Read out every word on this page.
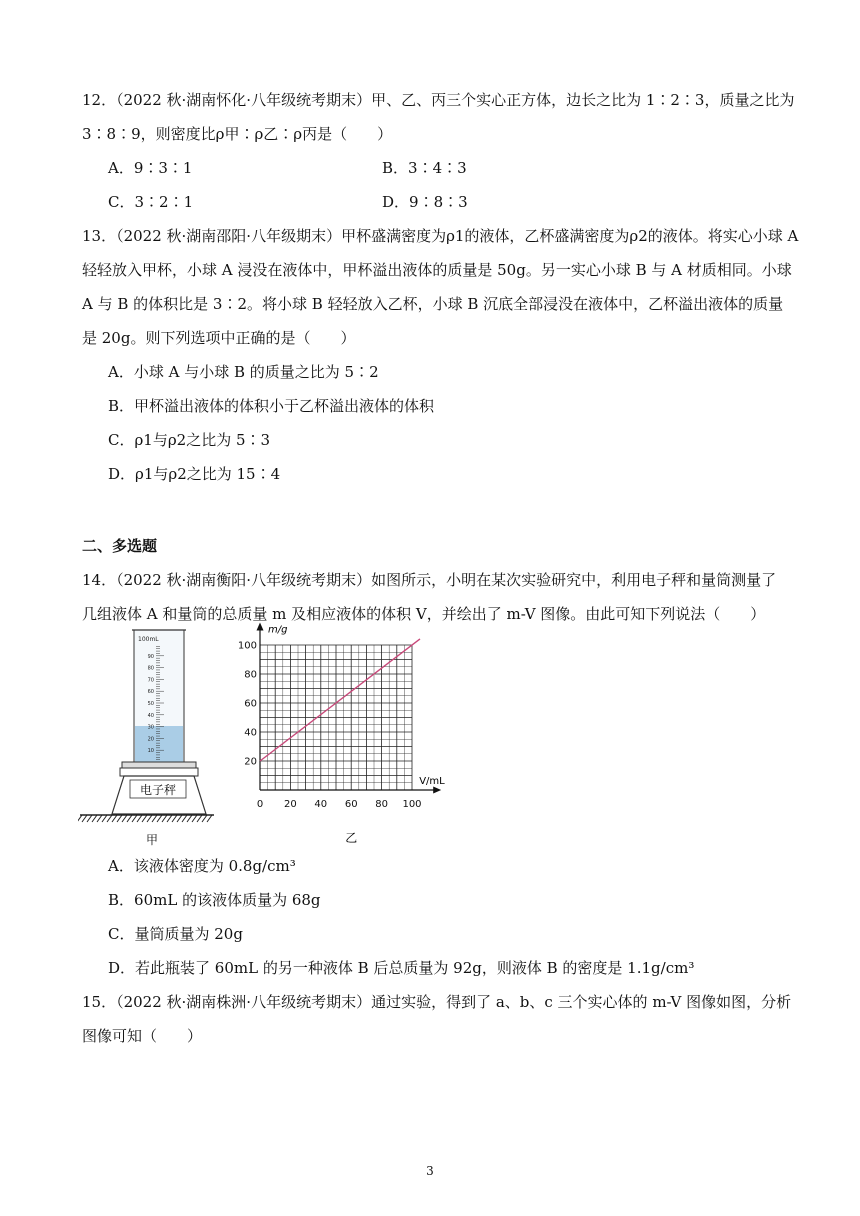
12．（2022 秋·湖南怀化·八年级统考期末）甲、乙、丙三个实心正方体，边长之比为 1∶2∶3，质量之比为
3∶8∶9，则密度比ρ甲∶ρ乙∶ρ丙是（　　）
A．9∶3∶1	B．3∶4∶3
C．3∶2∶1	D．9∶8∶3
13．（2022 秋·湖南邵阳·八年级期末）甲杯盛满密度为ρ1的液体，乙杯盛满密度为ρ2的液体。将实心小球 A
轻轻放入甲杯，小球 A 浸没在液体中，甲杯溢出液体的质量是 50g。另一实心小球 B 与 A 材质相同。小球
A 与 B 的体积比是 3∶2。将小球 B 轻轻放入乙杯，小球 B 沉底全部浸没在液体中，乙杯溢出液体的质量
是 20g。则下列选项中正确的是（　　）
A．小球 A 与小球 B 的质量之比为 5∶2
B．甲杯溢出液体的体积小于乙杯溢出液体的体积
C．ρ1与ρ2之比为 5∶3
D．ρ1与ρ2之比为 15∶4
二、多选题
14．（2022 秋·湖南衡阳·八年级统考期末）如图所示，小明在某次实验研究中，利用电子秤和量筒测量了
几组液体 A 和量筒的总质量 m 及相应液体的体积 V，并绘出了 m-V 图像。由此可知下列说法（　　）
90
80
70
60
50
40
30
20
10
100mL
电子秤
甲
0 20 40 60 80 100
20
40
60
80
100
m/g
V/mL
乙
A．该液体密度为 0.8g/cm³
B．60mL 的该液体质量为 68g
C．量筒质量为 20g
D．若此瓶装了 60mL 的另一种液体 B 后总质量为 92g，则液体 B 的密度是 1.1g/cm³
15．（2022 秋·湖南株洲·八年级统考期末）通过实验，得到了 a、b、c 三个实心体的 m-V 图像如图，分析
图像可知（　　）
3
